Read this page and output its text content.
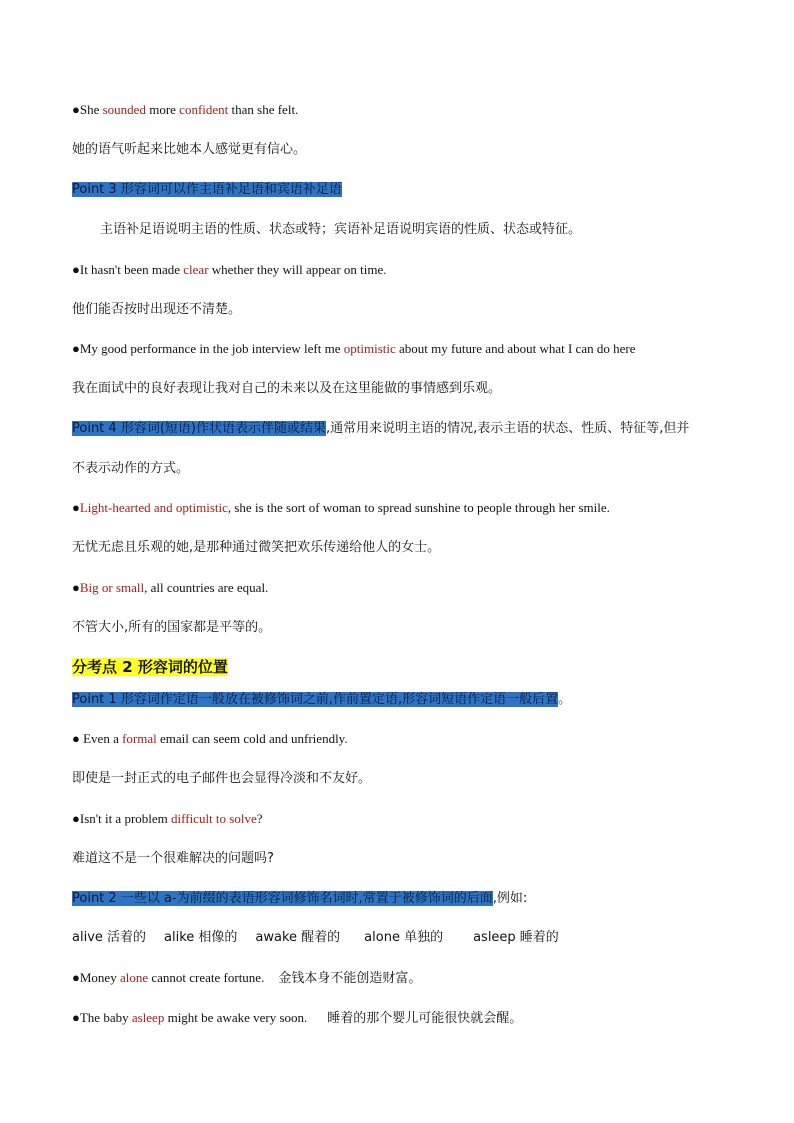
●She sounded more confident than she felt.
她的语气听起来比她本人感觉更有信心。
Point 3 形容词可以作主语补足语和宾语补足语
主语补足语说明主语的性质、状态或特；宾语补足语说明宾语的性质、状态或特征。
●It hasn't been made clear whether they will appear on time.
他们能否按时出现还不清楚。
●My good performance in the job interview left me optimistic about my future and about what I can do here
我在面试中的良好表现让我对自己的未来以及在这里能做的事情感到乐观。
Point 4 形容词(短语)作状语表示伴随或结果,通常用来说明主语的情况,表示主语的状态、性质、特征等,但并
不表示动作的方式。
●Light-hearted and optimistic, she is the sort of woman to spread sunshine to people through her smile.
无忧无虑且乐观的她,是那种通过微笑把欢乐传递给他人的女士。
●Big or small, all countries are equal.
不管大小,所有的国家都是平等的。
分考点 2 形容词的位置
Point 1 形容词作定语一般放在被修饰词之前,作前置定语,形容词短语作定语一般后置。
● Even a formal email can seem cold and unfriendly.
即使是一封正式的电子邮件也会显得冷淡和不友好。
●Isn't it a problem difficult to solve?
难道这不是一个很难解决的问题吗?
Point 2 一些以 a-为前缀的表语形容词修饰名词时,常置于被修饰词的后面,例如:
alive 活着的 alike 相像的 awake 醒着的 alone 单独的 asleep 睡着的
●Money alone cannot create fortune. 金钱本身不能创造财富。
●The baby asleep might be awake very soon. 睡着的那个婴儿可能很快就会醒。
